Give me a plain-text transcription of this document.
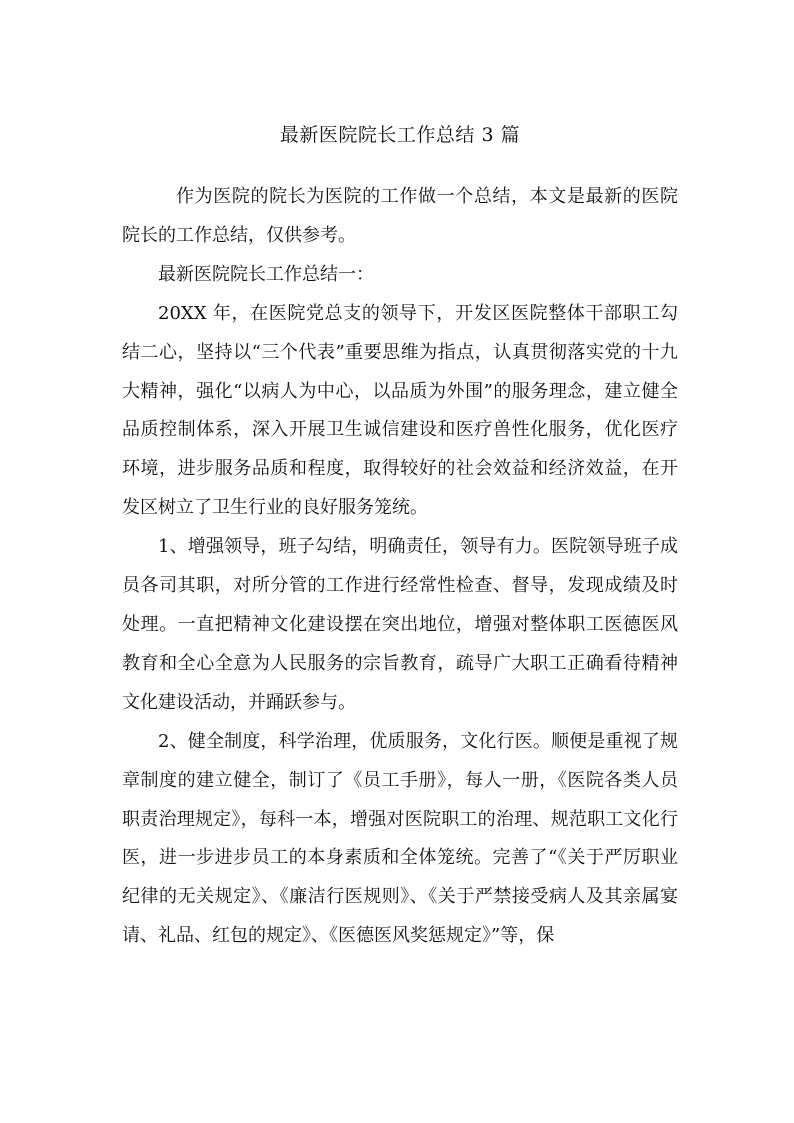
最新医院院长工作总结 3 篇

作为医院的院长为医院的工作做一个总结，本文是最新的医院院长的工作总结，仅供参考。

最新医院院长工作总结一：

20XX 年，在医院党总支的领导下，开发区医院整体干部职工勾结二心，坚持以“三个代表”重要思维为指点，认真贯彻落实党的十九大精神，强化“以病人为中心，以品质为外围”的服务理念，建立健全品质控制体系，深入开展卫生诚信建设和医疗兽性化服务，优化医疗环境，进步服务品质和程度，取得较好的社会效益和经济效益，在开发区树立了卫生行业的良好服务笼统。

1、增强领导，班子勾结，明确责任，领导有力。医院领导班子成员各司其职，对所分管的工作进行经常性检查、督导，发现成绩及时处理。一直把精神文化建设摆在突出地位，增强对整体职工医德医风教育和全心全意为人民服务的宗旨教育，疏导广大职工正确看待精神文化建设活动，并踊跃参与。

2、健全制度，科学治理，优质服务，文化行医。顺便是重视了规章制度的建立健全，制订了《员工手册》，每人一册，《医院各类人员职责治理规定》，每科一本，增强对医院职工的治理、规范职工文化行医，进一步进步员工的本身素质和全体笼统。完善了“《关于严厉职业纪律的无关规定》、《廉洁行医规则》、《关于严禁接受病人及其亲属宴请、礼品、红包的规定》、《医德医风奖惩规定》”等，保
